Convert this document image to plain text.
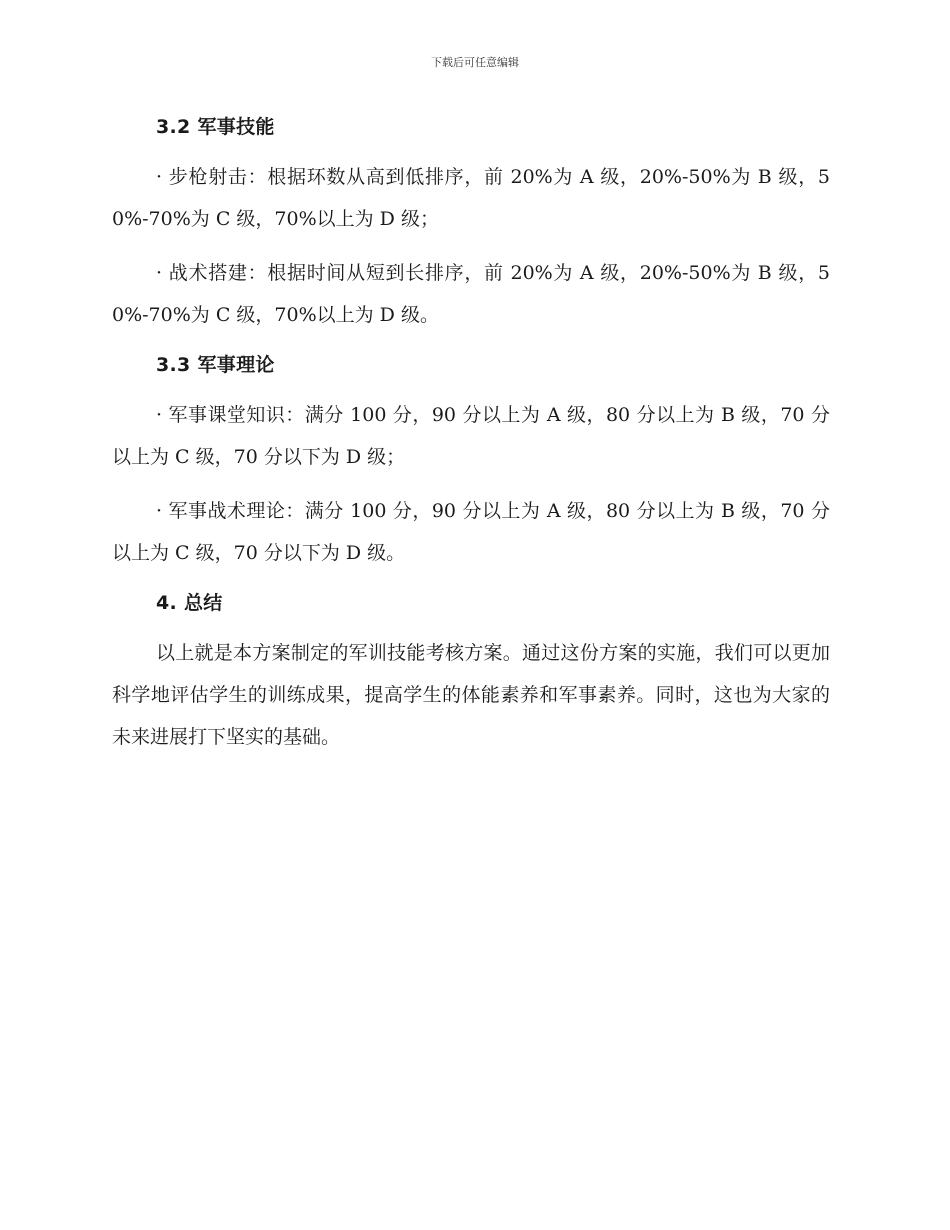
下载后可任意编辑
3.2 军事技能

· 步枪射击：根据环数从高到低排序，前 20%为 A 级，20%-50%为 B 级，50%-70%为 C 级，70%以上为 D 级；

· 战术搭建：根据时间从短到长排序，前 20%为 A 级，20%-50%为 B 级，50%-70%为 C 级，70%以上为 D 级。

3.3 军事理论

· 军事课堂知识：满分 100 分，90 分以上为 A 级，80 分以上为 B 级，70 分以上为 C 级，70 分以下为 D 级；

· 军事战术理论：满分 100 分，90 分以上为 A 级，80 分以上为 B 级，70 分以上为 C 级，70 分以下为 D 级。

4. 总结

以上就是本方案制定的军训技能考核方案。通过这份方案的实施，我们可以更加科学地评估学生的训练成果，提高学生的体能素养和军事素养。同时，这也为大家的未来进展打下坚实的基础。
